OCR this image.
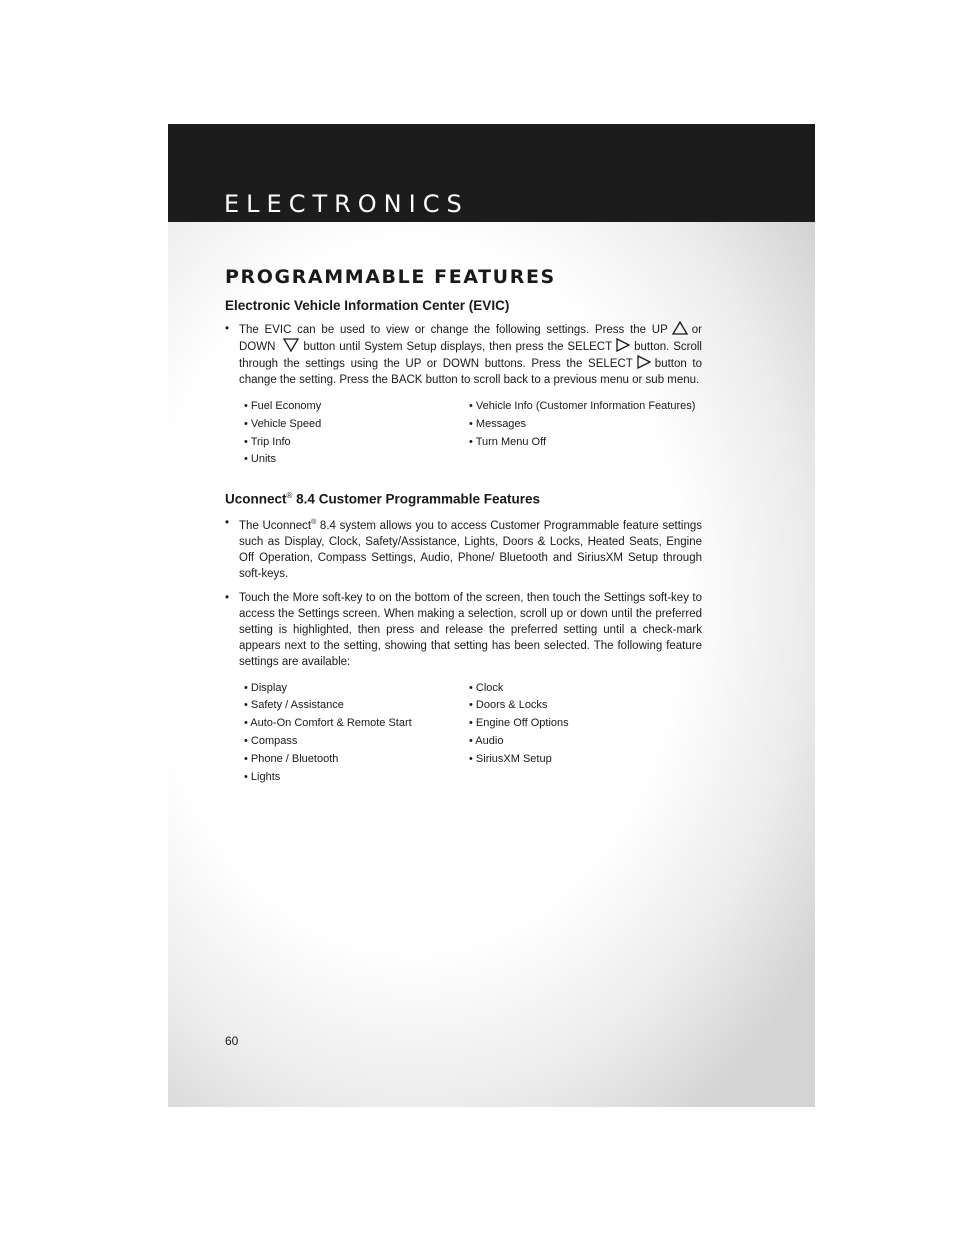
ELECTRONICS
PROGRAMMABLE FEATURES
Electronic Vehicle Information Center (EVIC)
• The EVIC can be used to view or change the following settings. Press the UP or DOWN button until System Setup displays, then press the SELECT button. Scroll through the settings using the UP or DOWN buttons. Press the SELECT button to change the setting. Press the BACK button to scroll back to a previous menu or sub menu.
• Fuel Economy	• Vehicle Info (Customer Information Features)
• Vehicle Speed	• Messages
• Trip Info	• Turn Menu Off
• Units
Uconnect® 8.4 Customer Programmable Features
• The Uconnect® 8.4 system allows you to access Customer Programmable feature settings such as Display, Clock, Safety/Assistance, Lights, Doors & Locks, Heated Seats, Engine Off Operation, Compass Settings, Audio, Phone/ Bluetooth and SiriusXM Setup through soft-keys.
• Touch the More soft-key to on the bottom of the screen, then touch the Settings soft-key to access the Settings screen. When making a selection, scroll up or down until the preferred setting is highlighted, then press and release the preferred setting until a check-mark appears next to the setting, showing that setting has been selected. The following feature settings are available:
• Display	• Clock
• Safety / Assistance	• Doors & Locks
• Auto-On Comfort & Remote Start	• Engine Off Options
• Compass	• Audio
• Phone / Bluetooth	• SiriusXM Setup
• Lights
60
